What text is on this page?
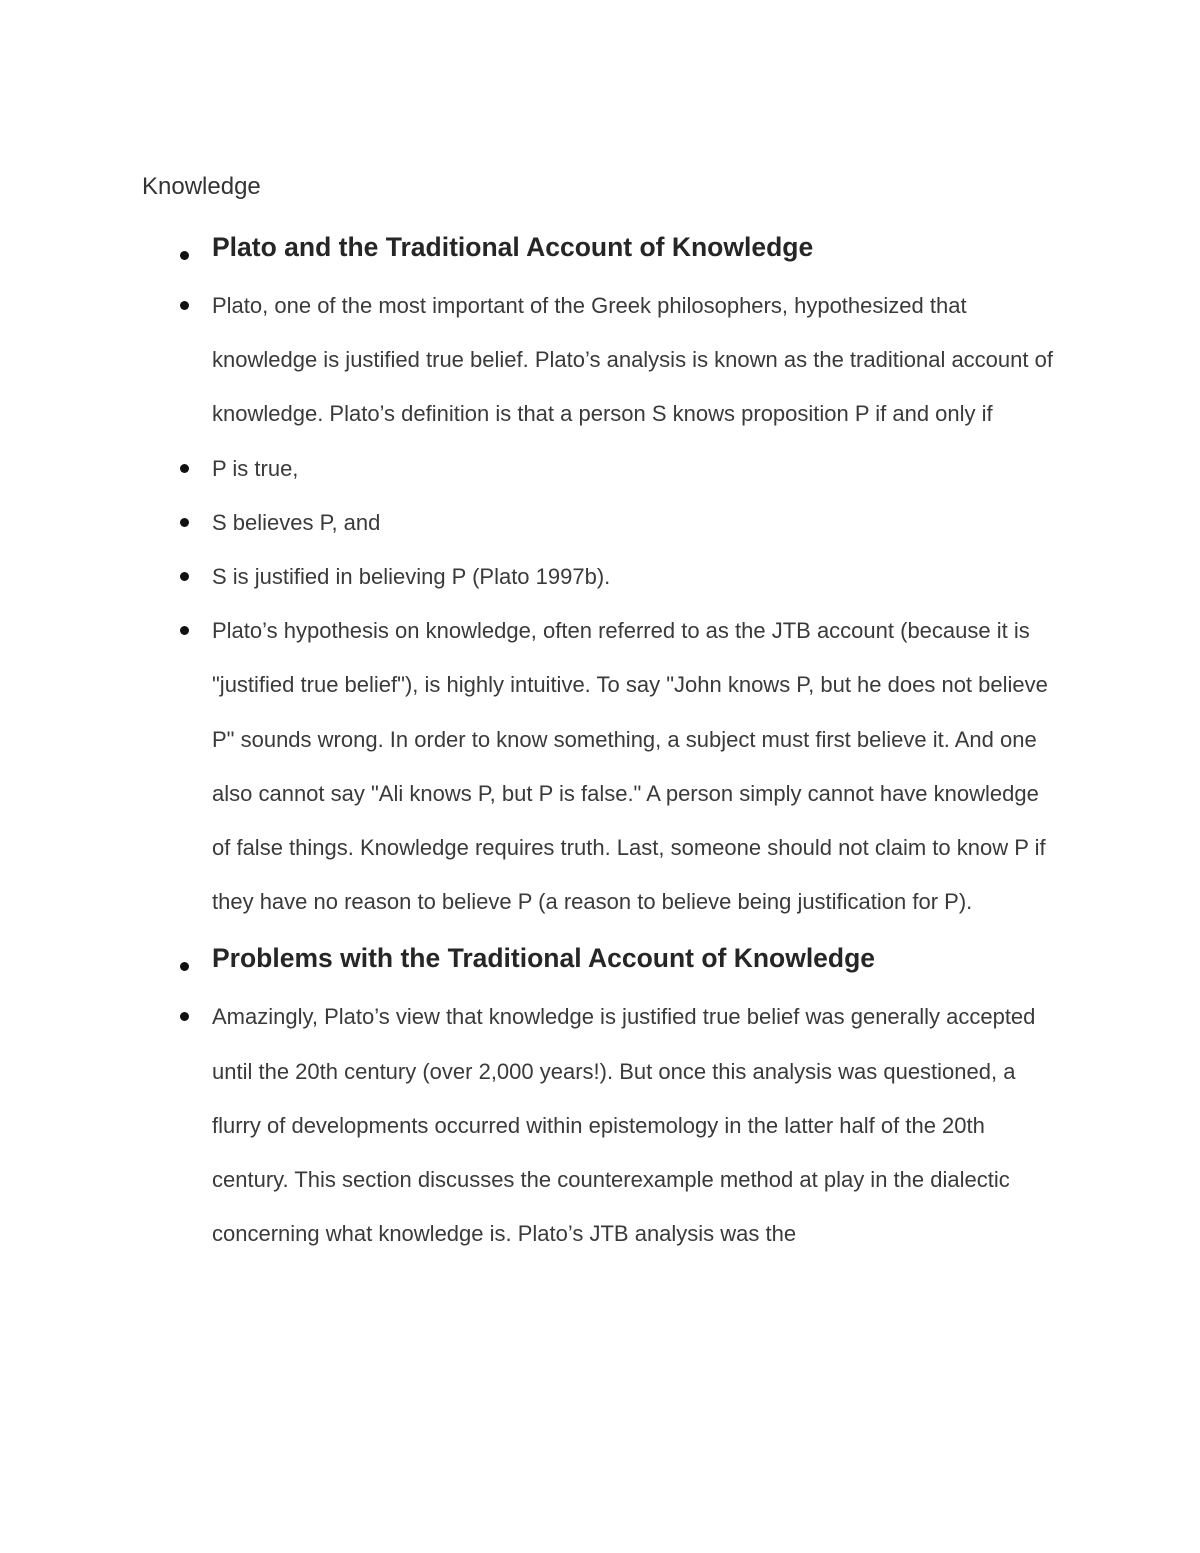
Knowledge
Plato and the Traditional Account of Knowledge
Plato, one of the most important of the Greek philosophers, hypothesized that knowledge is justified true belief. Plato’s analysis is known as the traditional account of knowledge. Plato’s definition is that a person S knows proposition P if and only if
P is true,
S believes P, and
S is justified in believing P (Plato 1997b).
Plato’s hypothesis on knowledge, often referred to as the JTB account (because it is "justified true belief"), is highly intuitive. To say "John knows P, but he does not believe P" sounds wrong. In order to know something, a subject must first believe it. And one also cannot say "Ali knows P, but P is false." A person simply cannot have knowledge of false things. Knowledge requires truth. Last, someone should not claim to know P if they have no reason to believe P (a reason to believe being justification for P).
Problems with the Traditional Account of Knowledge
Amazingly, Plato’s view that knowledge is justified true belief was generally accepted until the 20th century (over 2,000 years!). But once this analysis was questioned, a flurry of developments occurred within epistemology in the latter half of the 20th century. This section discusses the counterexample method at play in the dialectic concerning what knowledge is. Plato’s JTB analysis was the
